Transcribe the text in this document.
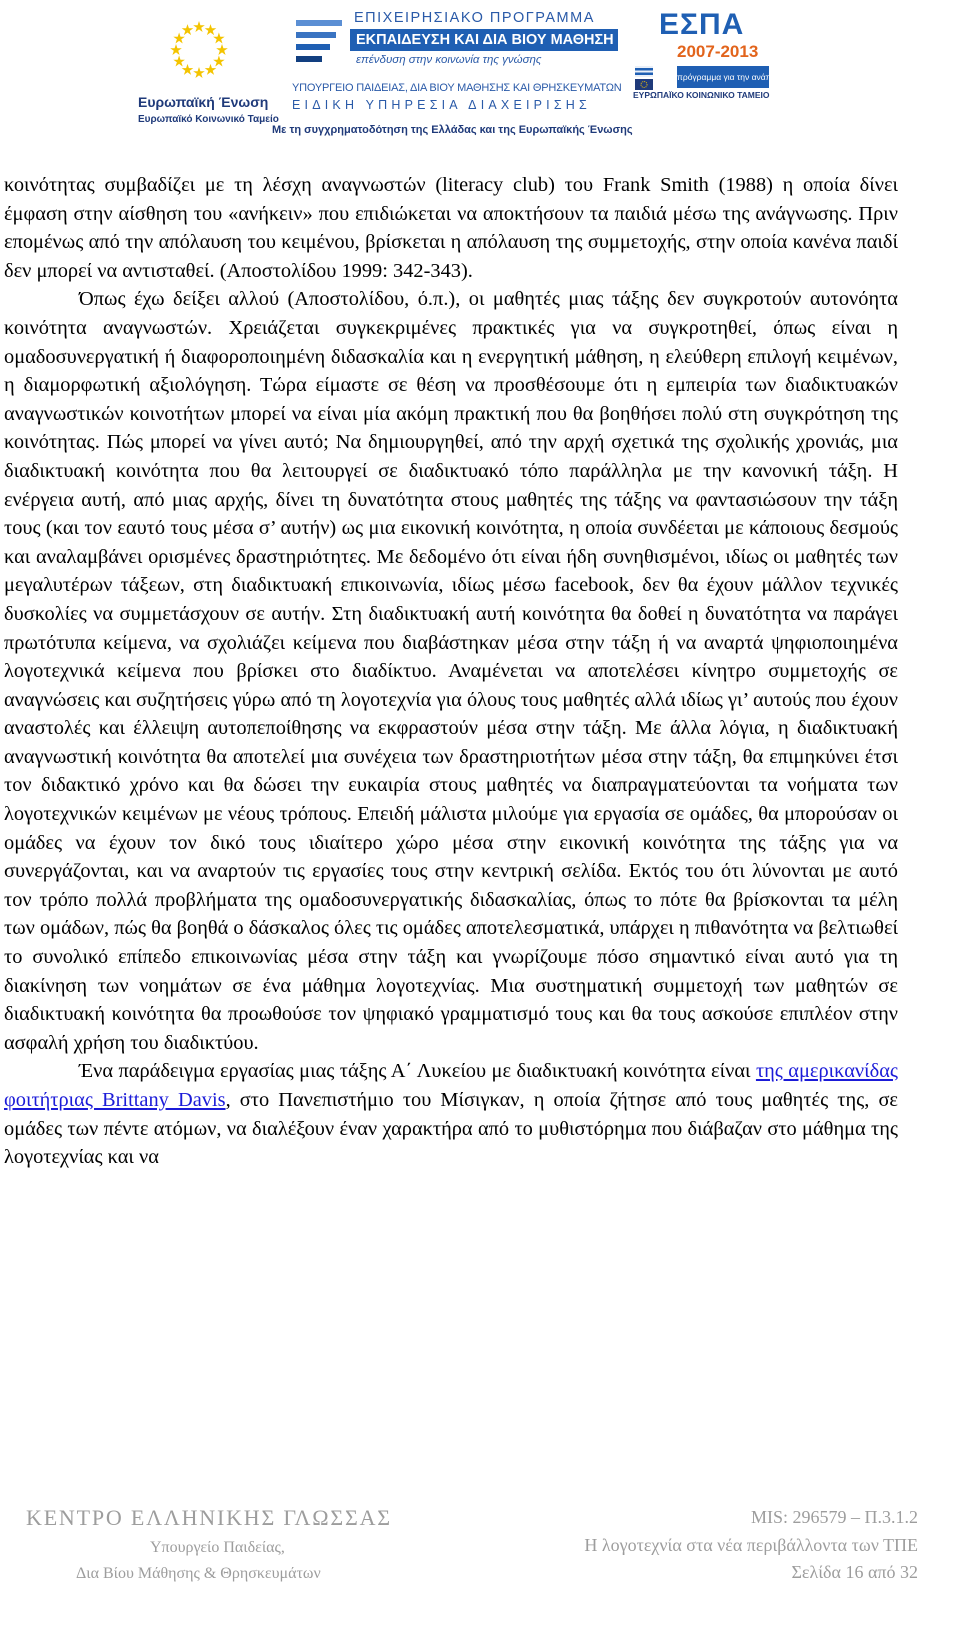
Ευρωπαϊκή Ένωση
Ευρωπαϊκό Κοινωνικό Ταμείο
ΕΠΙΧΕΙΡΗΣΙΑΚΟ ΠΡΟΓΡΑΜΜΑ
ΕΚΠΑΙΔΕΥΣΗ ΚΑΙ ΔΙΑ ΒΙΟΥ ΜΑΘΗΣΗ
επένδυση στην κοινωνία της γνώσης
ΥΠΟΥΡΓΕΙΟ ΠΑΙΔΕΙΑΣ, ΔΙΑ ΒΙΟΥ ΜΑΘΗΣΗΣ ΚΑΙ ΘΡΗΣΚΕΥΜΑΤΩΝ
ΕΙΔΙΚΗ ΥΠΗΡΕΣΙΑ ΔΙΑΧΕΙΡΙΣΗΣ
Με τη συγχρηματοδότηση της Ελλάδας και της Ευρωπαϊκής Ένωσης
ΕΣΠΑ
2007-2013
πρόγραμμα για την ανάπτυξη
ΕΥΡΩΠΑΪΚΟ ΚΟΙΝΩΝΙΚΟ ΤΑΜΕΙΟ

κοινότητας συμβαδίζει με τη λέσχη αναγνωστών (literacy club) του Frank Smith (1988) η οποία δίνει έμφαση στην αίσθηση του «ανήκειν» που επιδιώκεται να αποκτήσουν τα παιδιά μέσω της ανάγνωσης. Πριν επομένως από την απόλαυση του κειμένου, βρίσκεται η απόλαυση της συμμετοχής, στην οποία κανένα παιδί δεν μπορεί να αντισταθεί. (Αποστολίδου 1999: 342-343).

Όπως έχω δείξει αλλού (Αποστολίδου, ό.π.), οι μαθητές μιας τάξης δεν συγκροτούν αυτονόητα κοινότητα αναγνωστών. Χρειάζεται συγκεκριμένες πρακτικές για να συγκροτηθεί, όπως είναι η ομαδοσυνεργατική ή διαφοροποιημένη διδασκαλία και η ενεργητική μάθηση, η ελεύθερη επιλογή κειμένων, η διαμορφωτική αξιολόγηση. Τώρα είμαστε σε θέση να προσθέσουμε ότι η εμπειρία των διαδικτυακών αναγνωστικών κοινοτήτων μπορεί να είναι μία ακόμη πρακτική που θα βοηθήσει πολύ στη συγκρότηση της κοινότητας. Πώς μπορεί να γίνει αυτό; Να δημιουργηθεί, από την αρχή σχετικά της σχολικής χρονιάς, μια διαδικτυακή κοινότητα που θα λειτουργεί σε διαδικτυακό τόπο παράλληλα με την κανονική τάξη. Η ενέργεια αυτή, από μιας αρχής, δίνει τη δυνατότητα στους μαθητές της τάξης να φαντασιώσουν την τάξη τους (και τον εαυτό τους μέσα σ’ αυτήν) ως μια εικονική κοινότητα, η οποία συνδέεται με κάποιους δεσμούς και αναλαμβάνει ορισμένες δραστηριότητες. Με δεδομένο ότι είναι ήδη συνηθισμένοι, ιδίως οι μαθητές των μεγαλυτέρων τάξεων, στη διαδικτυακή επικοινωνία, ιδίως μέσω facebook, δεν θα έχουν μάλλον τεχνικές δυσκολίες να συμμετάσχουν σε αυτήν. Στη διαδικτυακή αυτή κοινότητα θα δοθεί η δυνατότητα να παράγει πρωτότυπα κείμενα, να σχολιάζει κείμενα που διαβάστηκαν μέσα στην τάξη ή να αναρτά ψηφιοποιημένα λογοτεχνικά κείμενα που βρίσκει στο διαδίκτυο. Αναμένεται να αποτελέσει κίνητρο συμμετοχής σε αναγνώσεις και συζητήσεις γύρω από τη λογοτεχνία για όλους τους μαθητές αλλά ιδίως γι’ αυτούς που έχουν αναστολές και έλλειψη αυτοπεποίθησης να εκφραστούν μέσα στην τάξη. Με άλλα λόγια, η διαδικτυακή αναγνωστική κοινότητα θα αποτελεί μια συνέχεια των δραστηριοτήτων μέσα στην τάξη, θα επιμηκύνει έτσι τον διδακτικό χρόνο και θα δώσει την ευκαιρία στους μαθητές να διαπραγματεύονται τα νοήματα των λογοτεχνικών κειμένων με νέους τρόπους. Επειδή μάλιστα μιλούμε για εργασία σε ομάδες, θα μπορούσαν οι ομάδες να έχουν τον δικό τους ιδιαίτερο χώρο μέσα στην εικονική κοινότητα της τάξης για να συνεργάζονται, και να αναρτούν τις εργασίες τους στην κεντρική σελίδα. Εκτός του ότι λύνονται με αυτό τον τρόπο πολλά προβλήματα της ομαδοσυνεργατικής διδασκαλίας, όπως το πότε θα βρίσκονται τα μέλη των ομάδων, πώς θα βοηθά ο δάσκαλος όλες τις ομάδες αποτελεσματικά, υπάρχει η πιθανότητα να βελτιωθεί το συνολικό επίπεδο επικοινωνίας μέσα στην τάξη και γνωρίζουμε πόσο σημαντικό είναι αυτό για τη διακίνηση των νοημάτων σε ένα μάθημα λογοτεχνίας. Μια συστηματική συμμετοχή των μαθητών σε διαδικτυακή κοινότητα θα προωθούσε τον ψηφιακό γραμματισμό τους και θα τους ασκούσε επιπλέον στην ασφαλή χρήση του διαδικτύου.

Ένα παράδειγμα εργασίας μιας τάξης Α΄ Λυκείου με διαδικτυακή κοινότητα είναι της αμερικανίδας φοιτήτριας Brittany Davis, στο Πανεπιστήμιο του Μίσιγκαν, η οποία ζήτησε από τους μαθητές της, σε ομάδες των πέντε ατόμων, να διαλέξουν έναν χαρακτήρα από το μυθιστόρημα που διάβαζαν στο μάθημα της λογοτεχνίας και να

ΚΕΝΤΡΟ ΕΛΛΗΝΙΚΗΣ ΓΛΩΣΣΑΣ
Υπουργείο Παιδείας,
Δια Βίου Μάθησης & Θρησκευμάτων
MIS: 296579 – Π.3.1.2
Η λογοτεχνία στα νέα περιβάλλοντα των ΤΠΕ
Σελίδα 16 από 32
